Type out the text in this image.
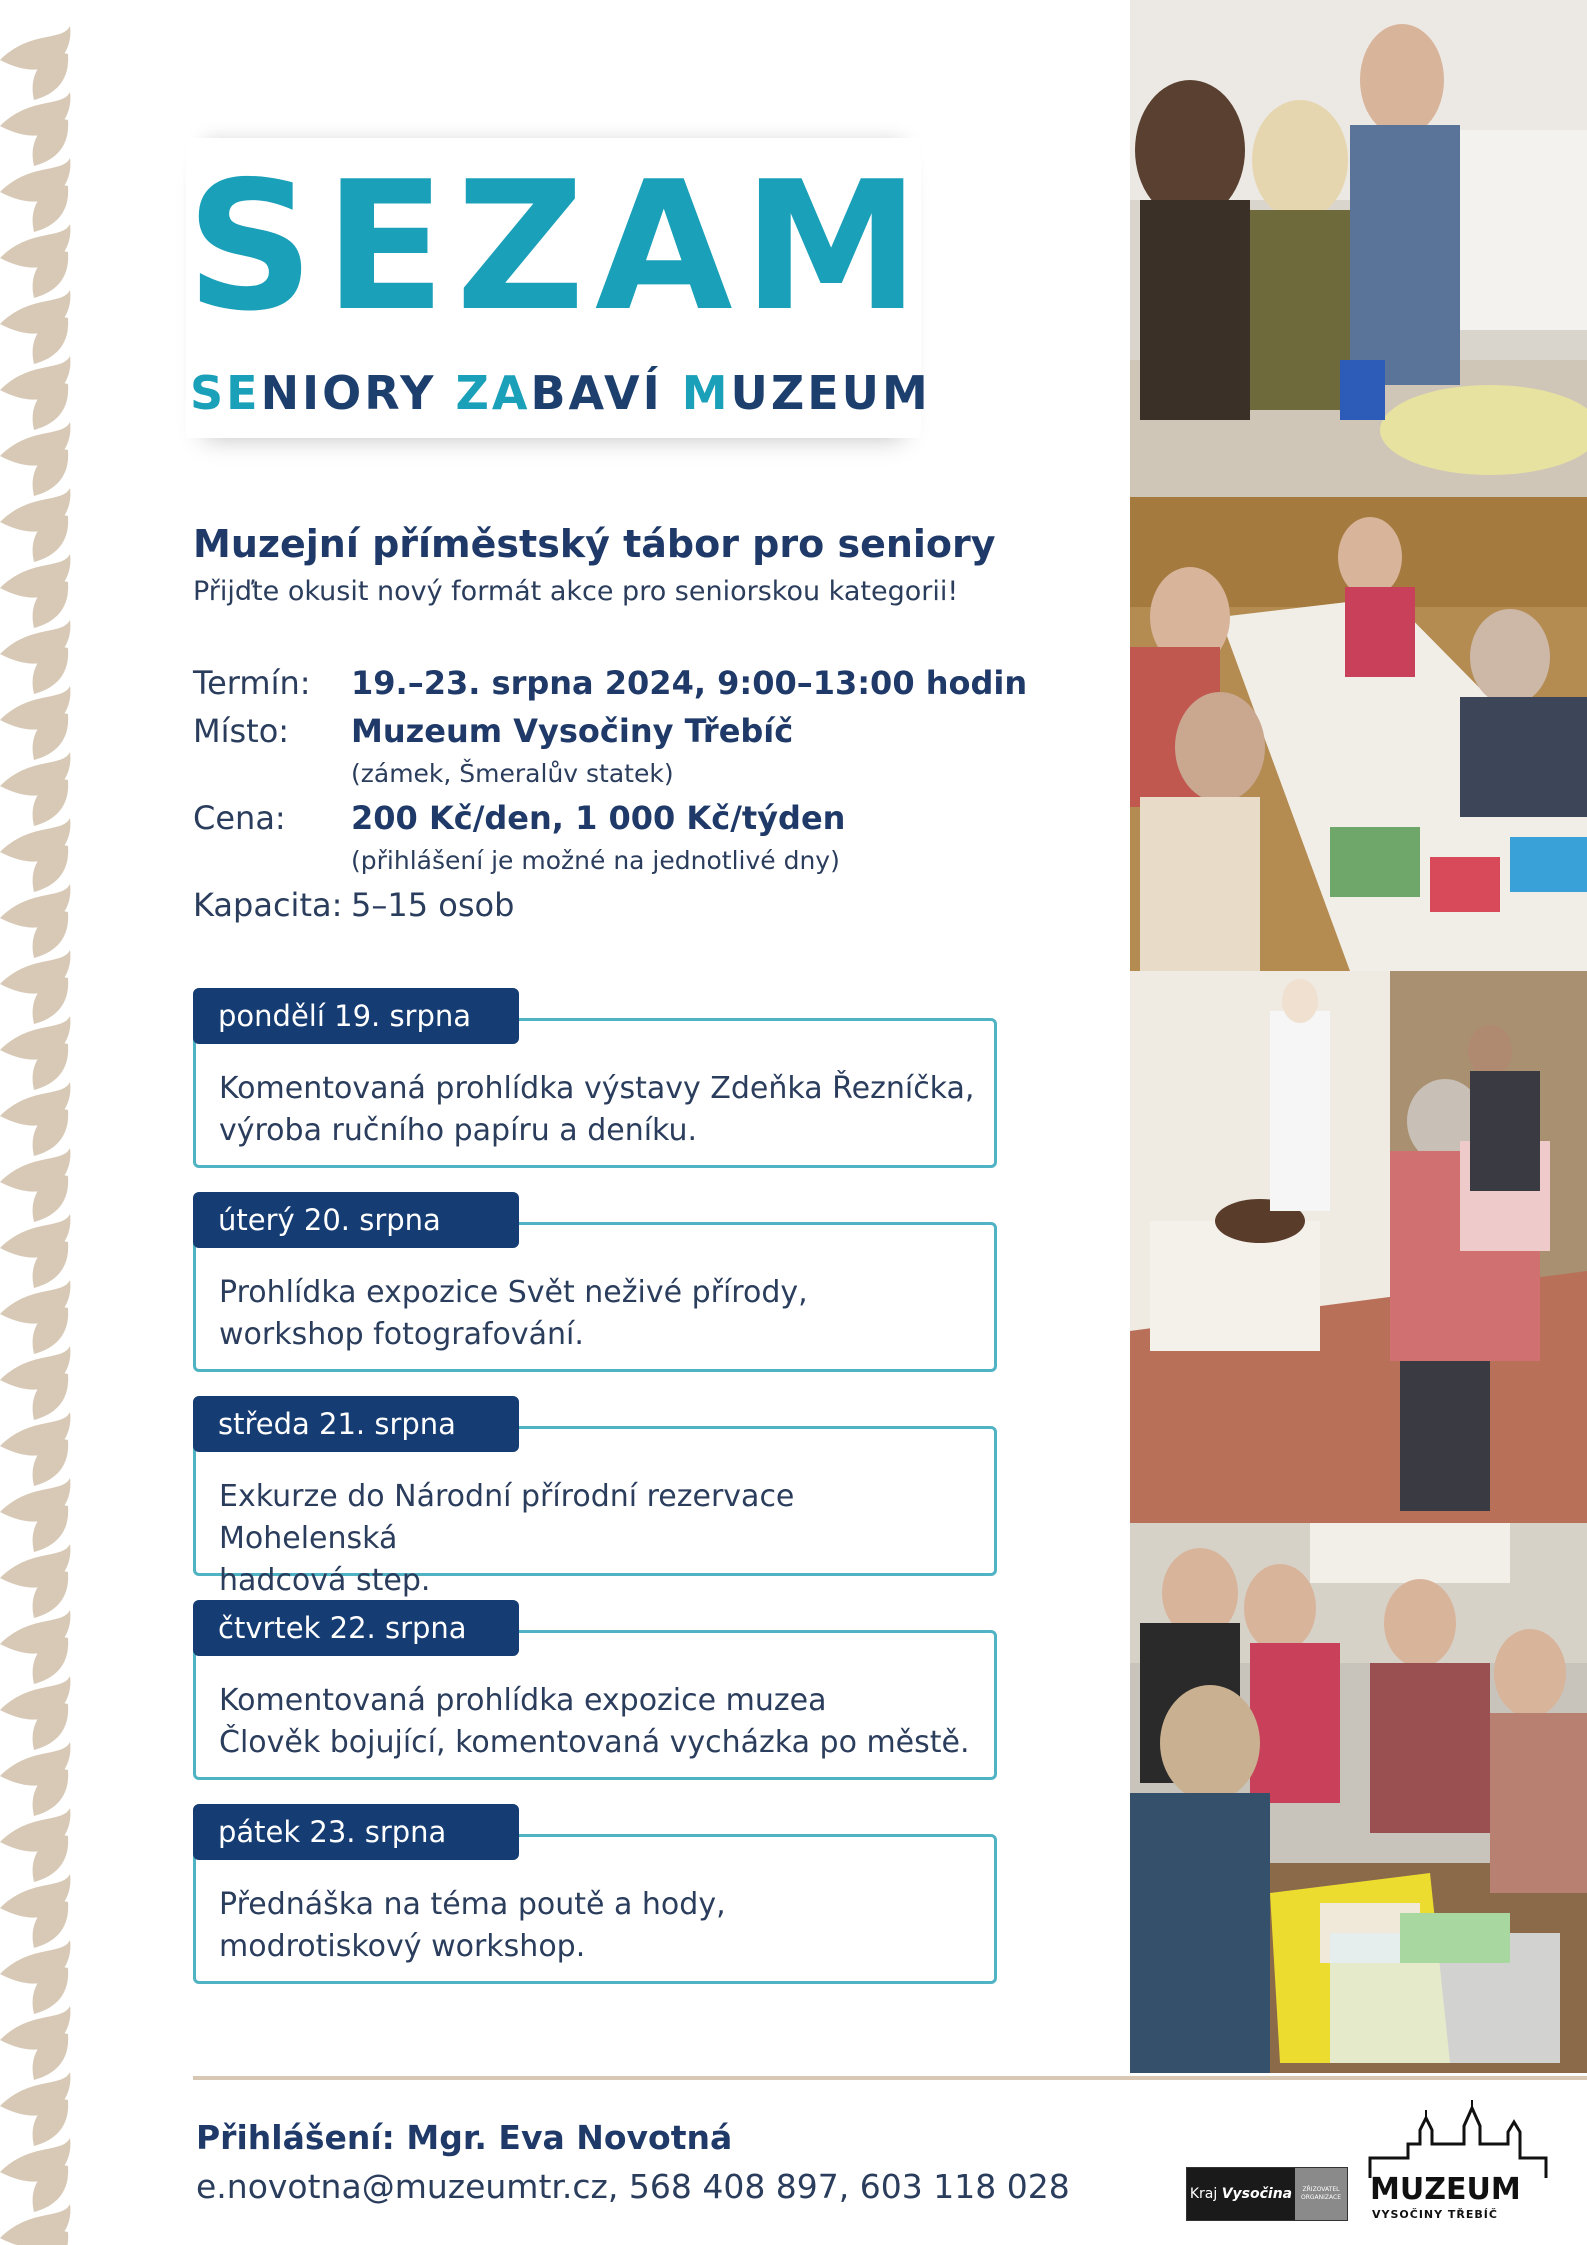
SEZAM
SENIORY ZABAVÍ MUZEUM
Muzejní příměstský tábor pro seniory
Přijďte okusit nový formát akce pro seniorskou kategorii!
Termín: 19.–23. srpna 2024, 9:00–13:00 hodin
Místo: Muzeum Vysočiny Třebíč
(zámek, Šmeralův statek)
Cena: 200 Kč/den, 1 000 Kč/týden
(přihlášení je možné na jednotlivé dny)
Kapacita: 5–15 osob
pondělí 19. srpna
Komentovaná prohlídka výstavy Zdeňka Řezníčka,
výroba ručního papíru a deníku.
úterý 20. srpna
Prohlídka expozice Svět neživé přírody,
workshop fotografování.
středa 21. srpna
Exkurze do Národní přírodní rezervace Mohelenská
hadcová step.
čtvrtek 22. srpna
Komentovaná prohlídka expozice muzea
Člověk bojující, komentovaná vycházka po městě.
pátek 23. srpna
Přednáška na téma poutě a hody,
modrotiskový workshop.
Přihlášení: Mgr. Eva Novotná
e.novotna@muzeumtr.cz, 568 408 897, 603 118 028	Kraj Vysočina	ZŘIZOVATEL ORGANIZACE MUZEUM
VYSOČINY TŘEBÍČ
